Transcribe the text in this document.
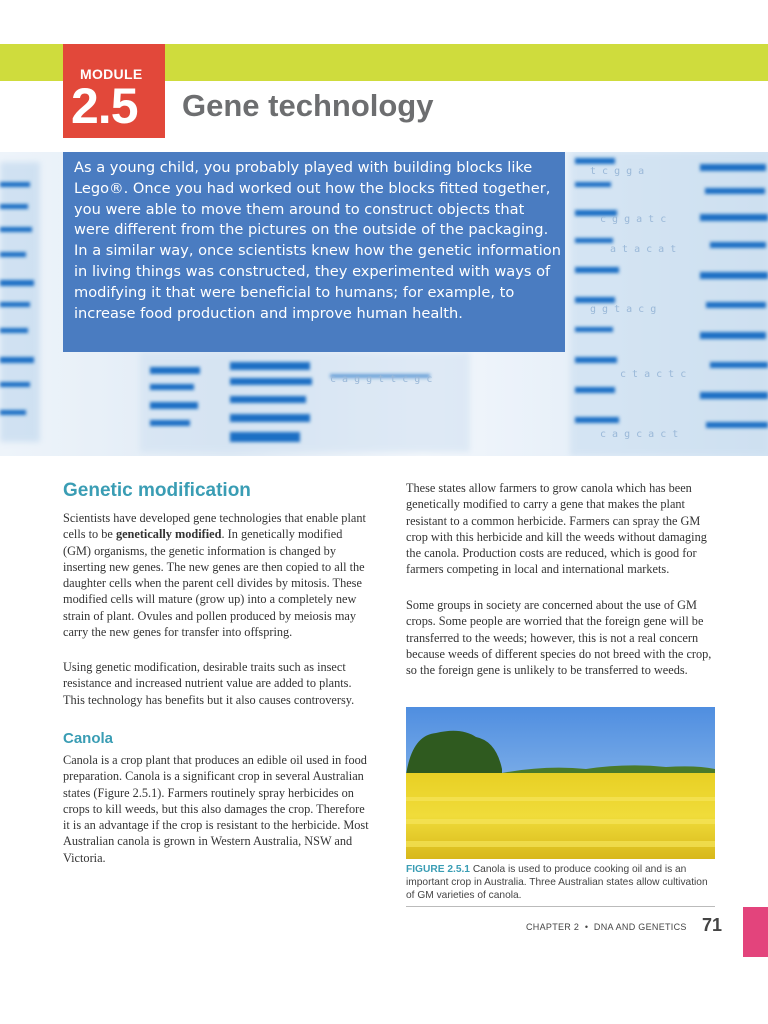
t c g g a
c g g a t c
a t a c a t
g g t a c g
c t a c t c
c a g g t t c g c
c a g c a c t

As a young child, you probably played with building blocks like Lego®. Once you had worked out how the blocks fitted together, you were able to move them around to construct objects that were different from the pictures on the outside of the packaging. In a similar way, once scientists knew how the genetic information in living things was constructed, they experimented with ways of modifying it that were beneficial to humans; for example, to increase food production and improve human health.

MODULE
2.5 Gene technology
Genetic modification

Scientists have developed gene technologies that enable plant cells to be genetically modified. In genetically modified (GM) organisms, the genetic information is changed by inserting new genes. The new genes are then copied to all the daughter cells when the parent cell divides by mitosis. These modified cells will mature (grow up) into a completely new strain of plant. Ovules and pollen produced by meiosis may carry the new genes for transfer into offspring.

Using genetic modification, desirable traits such as insect resistance and increased nutrient value are added to plants. This technology has benefits but it also causes controversy.

Canola

Canola is a crop plant that produces an edible oil used in food preparation. Canola is a significant crop in several Australian states (Figure 2.5.1). Farmers routinely spray herbicides on crops to kill weeds, but this also damages the crop. Therefore it is an advantage if the crop is resistant to the herbicide. Most Australian canola is grown in Western Australia, NSW and Victoria.

These states allow farmers to grow canola which has been genetically modified to carry a gene that makes the plant resistant to a common herbicide. Farmers can spray the GM crop with this herbicide and kill the weeds without damaging the canola. Production costs are reduced, which is good for farmers competing in local and international markets.

Some groups in society are concerned about the use of GM crops. Some people are worried that the foreign gene will be transferred to the weeds; however, this is not a real concern because weeds of different species do not breed with the crop, so the foreign gene is unlikely to be transferred to weeds.

FIGURE 2.5.1 Canola is used to produce cooking oil and is an important crop in Australia. Three Australian states allow cultivation of GM varieties of canola.

CHAPTER 2 • DNA AND GENETICS 71
